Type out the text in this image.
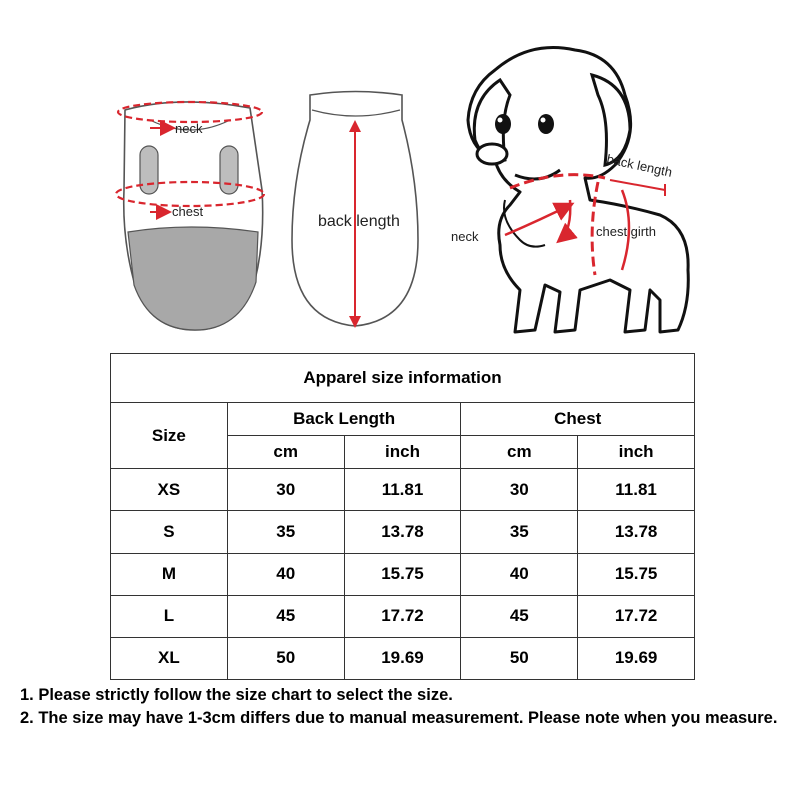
neck
chest
back length
back length
neck	chest girth
Apparel size information				
Size	Back Length		Chest	
	cm	inch	cm	inch
XS	30	11.81	30	11.81
S	35	13.78	35	13.78
M	40	15.75	40	15.75
L	45	17.72	45	17.72
XL	50	19.69	50	19.69

1. Please strictly follow the size chart to select the size.

2. The size may have 1-3cm differs due to manual measurement. Please note when you measure.
